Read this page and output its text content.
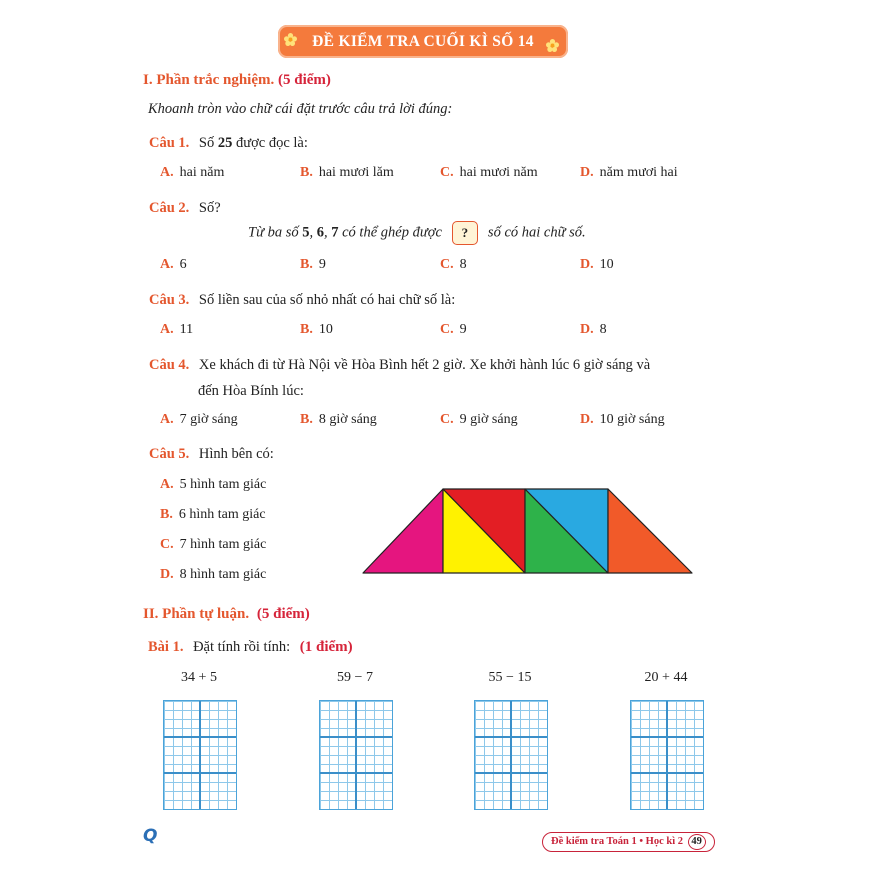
ĐỀ KIỂM TRA CUỐI KÌ SỐ 14
I. Phần trắc nghiệm. (5 điểm)
Khoanh tròn vào chữ cái đặt trước câu trả lời đúng:
Câu 1. Số 25 được đọc là:
A. hai năm	B. hai mươi lăm	C. hai mươi năm	D. năm mươi hai
Câu 2. Số?
Từ ba số 5, 6, 7 có thể ghép được ? số có hai chữ số.
A. 6	B. 9	C. 8	D. 10
Câu 3. Số liền sau của số nhỏ nhất có hai chữ số là:
A. 11	B. 10	C. 9	D. 8
Câu 4. Xe khách đi từ Hà Nội về Hòa Bình hết 2 giờ. Xe khởi hành lúc 6 giờ sáng và
đến Hòa Bính lúc:
A. 7 giờ sáng	B. 8 giờ sáng	C. 9 giờ sáng	D. 10 giờ sáng
Câu 5. Hình bên có:
A. 5 hình tam giác
B. 6 hình tam giác
C. 7 hình tam giác
D. 8 hình tam giác
II. Phần tự luận. (5 điểm)
Bài 1. Đặt tính rồi tính: (1 điểm)
34 + 5	59 − 7	55 − 15	20 + 44
Q	Đề kiểm tra Toán 1 • Học kì 2 49
